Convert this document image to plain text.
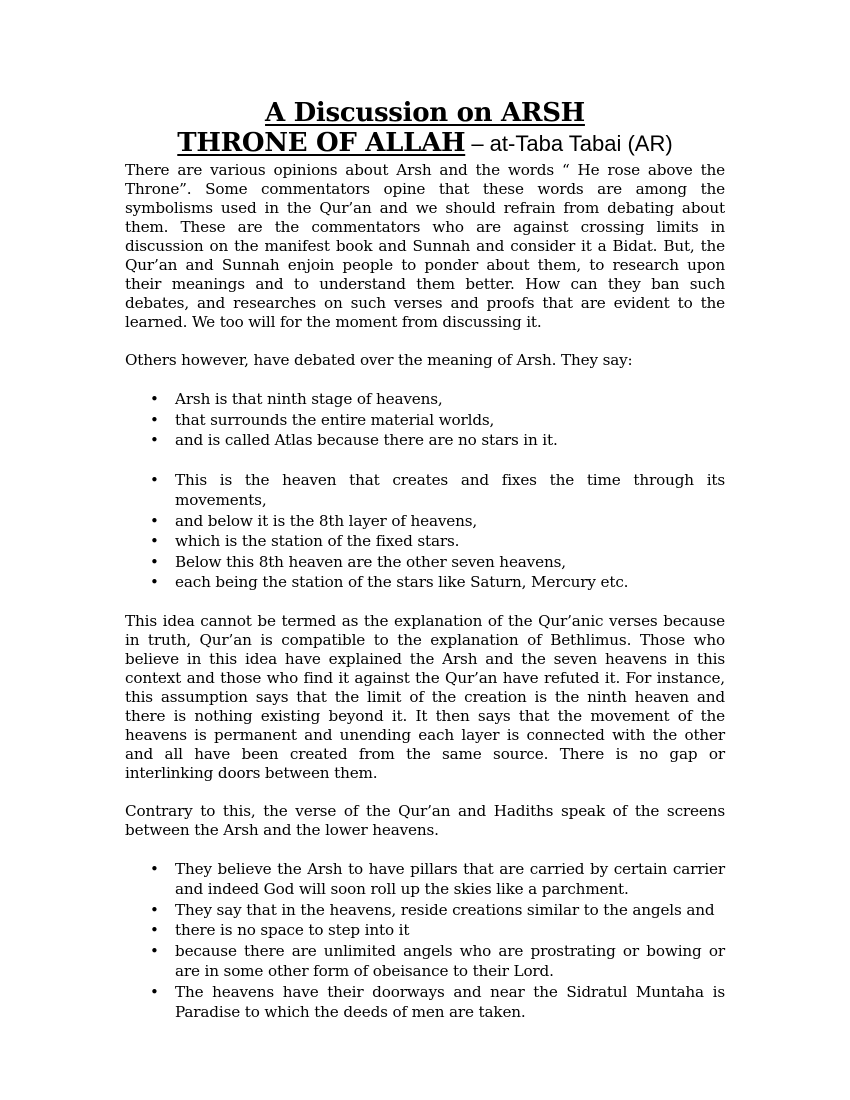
A Discussion on ARSH
THRONE OF ALLAH – at-Taba Tabai (AR)

There are various opinions about Arsh and the words “ He rose above the Throne”. Some commentators opine that these words are among the symbolisms used in the Qur’an and we should refrain from debating about them. These are the commentators who are against crossing limits in discussion on the manifest book and Sunnah and consider it a Bidat. But, the Qur’an and Sunnah enjoin people to ponder about them, to research upon their meanings and to understand them better. How can they ban such debates, and researches on such verses and proofs that are evident to the learned. We too will for the moment from discussing it.

Others however, have debated over the meaning of Arsh. They say:

• Arsh is that ninth stage of heavens,
• that surrounds the entire material worlds,
• and is called Atlas because there are no stars in it.
• This is the heaven that creates and fixes the time through its movements,
• and below it is the 8th layer of heavens,
• which is the station of the fixed stars.
• Below this 8th heaven are the other seven heavens,
• each being the station of the stars like Saturn, Mercury etc.

This idea cannot be termed as the explanation of the Qur’anic verses because in truth, Qur’an is compatible to the explanation of Bethlimus. Those who believe in this idea have explained the Arsh and the seven heavens in this context and those who find it against the Qur’an have refuted it. For instance, this assumption says that the limit of the creation is the ninth heaven and there is nothing existing beyond it. It then says that the movement of the heavens is permanent and unending each layer is connected with the other and all have been created from the same source. There is no gap or interlinking doors between them.

Contrary to this, the verse of the Qur’an and Hadiths speak of the screens between the Arsh and the lower heavens.

• They believe the Arsh to have pillars that are carried by certain carrier and indeed God will soon roll up the skies like a parchment.
• They say that in the heavens, reside creations similar to the angels and
• there is no space to step into it
• because there are unlimited angels who are prostrating or bowing or are in some other form of obeisance to their Lord.
• The heavens have their doorways and near the Sidratul Muntaha is Paradise to which the deeds of men are taken.
